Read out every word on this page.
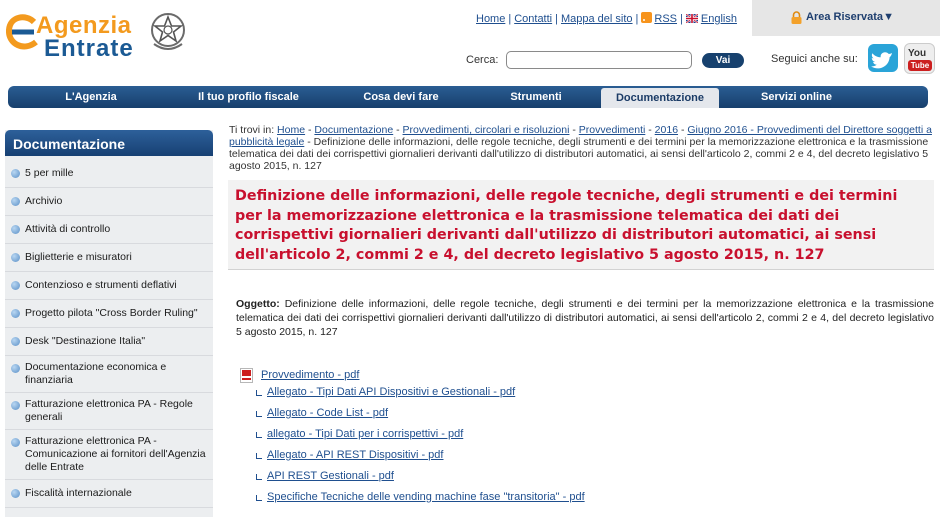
Agenzia
Entrate
Home | Contatti | Mappa del sito | RSS | English	Area Riservata▼
Cerca:	Vai	Seguici anche su:	You
Tube
L'Agenzia	Il tuo profilo fiscale	Cosa devi fare	Strumenti	Documentazione	Servizi online
Documentazione
5 per mille
Archivio
Attività di controllo
Biglietterie e misuratori
Contenzioso e strumenti deflativi
Progetto pilota "Cross Border Ruling"
Desk "Destinazione Italia"
Documentazione economica e finanziaria
Fatturazione elettronica PA - Regole generali
Fatturazione elettronica PA - Comunicazione ai fornitori dell'Agenzia delle Entrate
Fiscalità internazionale
Ti trovi in: Home - Documentazione - Provvedimenti, circolari e risoluzioni - Provvedimenti - 2016 - Giugno 2016 - Provvedimenti del Direttore soggetti a pubblicità legale - Definizione delle informazioni, delle regole tecniche, degli strumenti e dei termini per la memorizzazione elettronica e la trasmissione telematica dei dati dei corrispettivi giornalieri derivanti dall'utilizzo di distributori automatici, ai sensi dell'articolo 2, commi 2 e 4, del decreto legislativo 5 agosto 2015, n. 127
Definizione delle informazioni, delle regole tecniche, degli strumenti e dei termini per la memorizzazione elettronica e la trasmissione telematica dei dati dei corrispettivi giornalieri derivanti dall'utilizzo di distributori automatici, ai sensi dell'articolo 2, commi 2 e 4, del decreto legislativo 5 agosto 2015, n. 127
Oggetto: Definizione delle informazioni, delle regole tecniche, degli strumenti e dei termini per la memorizzazione elettronica e la trasmissione telematica dei dati dei corrispettivi giornalieri derivanti dall'utilizzo di distributori automatici, ai sensi dell'articolo 2, commi 2 e 4, del decreto legislativo 5 agosto 2015, n. 127
Provvedimento - pdf
Allegato - Tipi Dati API Dispositivi e Gestionali - pdf
Allegato - Code List - pdf
allegato - Tipi Dati per i corrispettivi - pdf
Allegato - API REST Dispositivi - pdf
API REST Gestionali - pdf
Specifiche Tecniche delle vending machine fase "transitoria" - pdf
